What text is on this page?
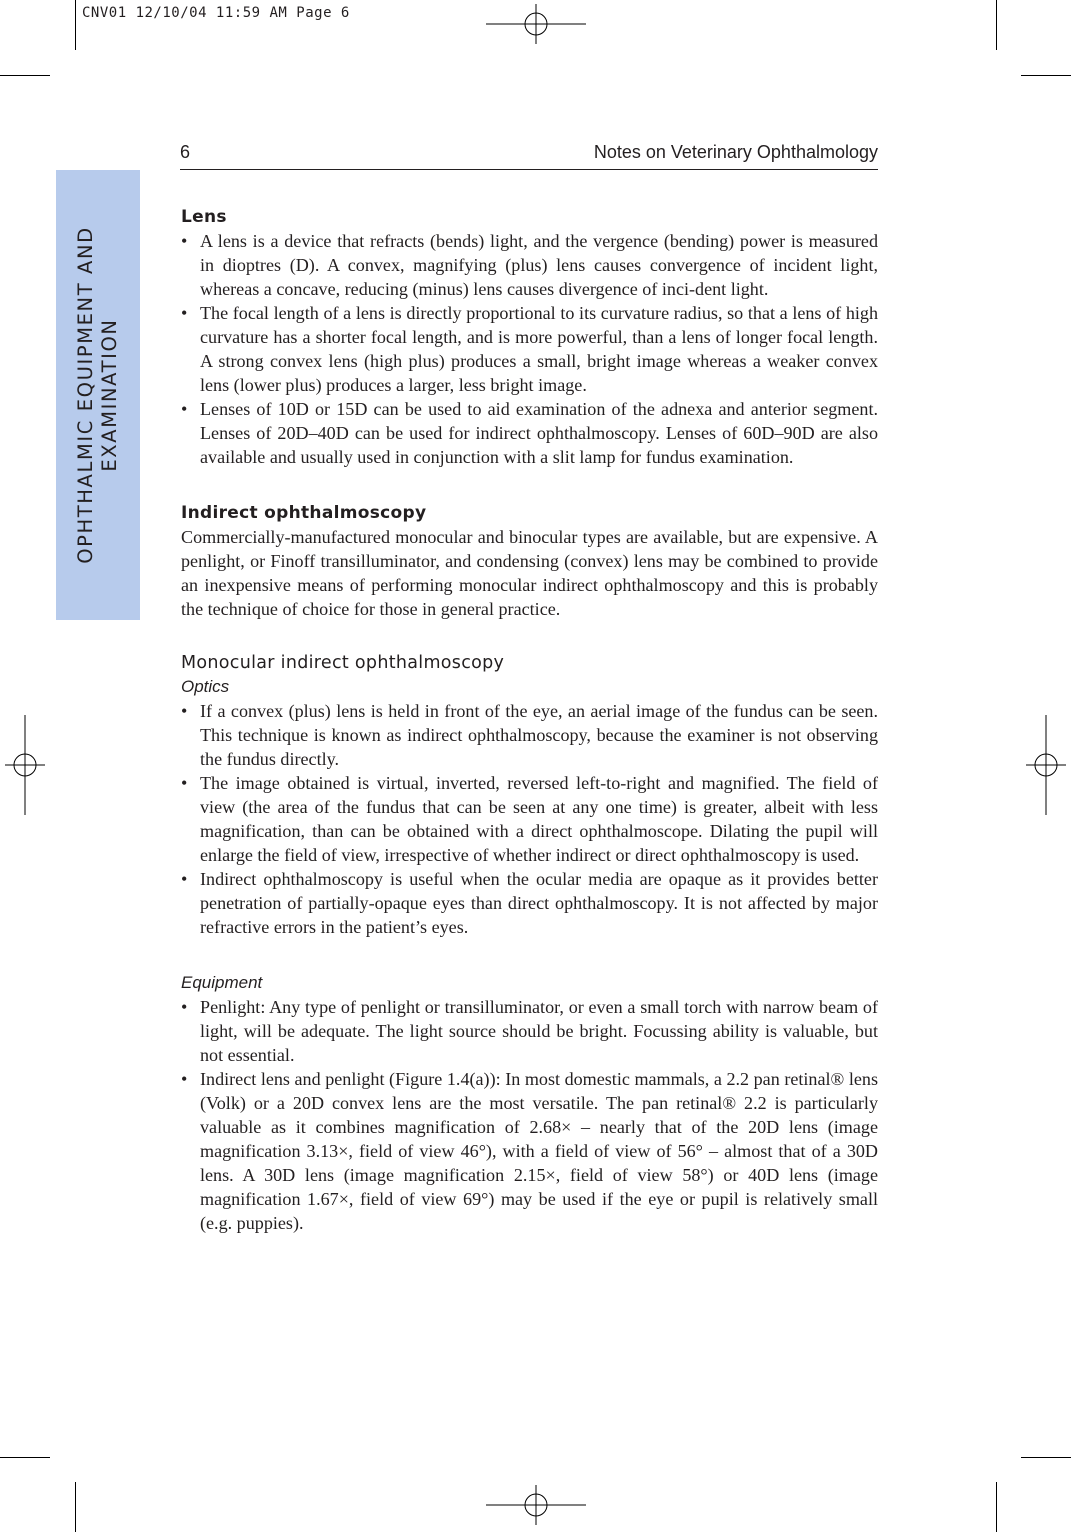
CNV01 12/10/04 11:59 AM Page 6
OPHTHALMIC EQUIPMENT AND EXAMINATION
6	Notes on Veterinary Ophthalmology
Lens
• A lens is a device that refracts (bends) light, and the vergence (bending) power is measured in dioptres (D). A convex, magnifying (plus) lens causes convergence of incident light, whereas a concave, reducing (minus) lens causes divergence of inci-dent light.
• The focal length of a lens is directly proportional to its curvature radius, so that a lens of high curvature has a shorter focal length, and is more powerful, than a lens of longer focal length. A strong convex lens (high plus) produces a small, bright image whereas a weaker convex lens (lower plus) produces a larger, less bright image.
• Lenses of 10D or 15D can be used to aid examination of the adnexa and anterior segment. Lenses of 20D–40D can be used for indirect ophthalmoscopy. Lenses of 60D–90D are also available and usually used in conjunction with a slit lamp for fundus examination.
Indirect ophthalmoscopy

Commercially-manufactured monocular and binocular types are available, but are expensive. A penlight, or Finoff transilluminator, and condensing (convex) lens may be combined to provide an inexpensive means of performing monocular indirect ophthalmoscopy and this is probably the technique of choice for those in general practice.

Monocular indirect ophthalmoscopy
Optics
• If a convex (plus) lens is held in front of the eye, an aerial image of the fundus can be seen. This technique is known as indirect ophthalmoscopy, because the examiner is not observing the fundus directly.
• The image obtained is virtual, inverted, reversed left-to-right and magnified. The field of view (the area of the fundus that can be seen at any one time) is greater, albeit with less magnification, than can be obtained with a direct ophthalmoscope. Dilating the pupil will enlarge the field of view, irrespective of whether indirect or direct ophthalmoscopy is used.
• Indirect ophthalmoscopy is useful when the ocular media are opaque as it provides better penetration of partially-opaque eyes than direct ophthalmoscopy. It is not affected by major refractive errors in the patient’s eyes.
Equipment
• Penlight: Any type of penlight or transilluminator, or even a small torch with narrow beam of light, will be adequate. The light source should be bright. Focussing ability is valuable, but not essential.
• Indirect lens and penlight (Figure 1.4(a)): In most domestic mammals, a 2.2 pan retinal® lens (Volk) or a 20D convex lens are the most versatile. The pan retinal® 2.2 is particularly valuable as it combines magnification of 2.68× – nearly that of the 20D lens (image magnification 3.13×, field of view 46°), with a field of view of 56° – almost that of a 30D lens. A 30D lens (image magnification 2.15×, field of view 58°) or 40D lens (image magnification 1.67×, field of view 69°) may be used if the eye or pupil is relatively small (e.g. puppies).
